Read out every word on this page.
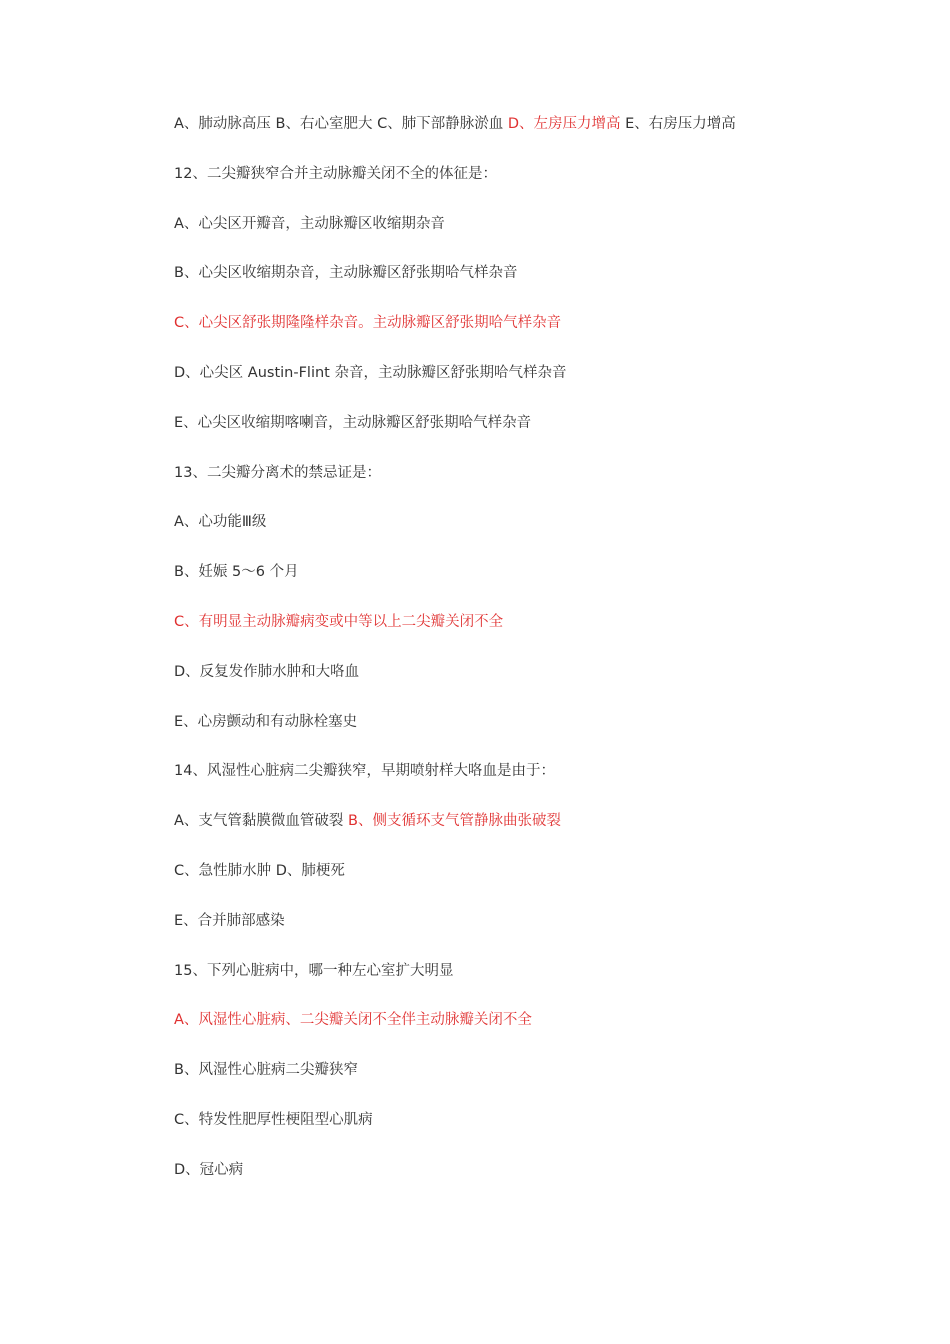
A、肺动脉高压 B、右心室肥大 C、肺下部静脉淤血 D、左房压力增高 E、右房压力增高
12、二尖瓣狭窄合并主动脉瓣关闭不全的体征是：
A、心尖区开瓣音，主动脉瓣区收缩期杂音
B、心尖区收缩期杂音，主动脉瓣区舒张期哈气样杂音
C、心尖区舒张期隆隆样杂音。主动脉瓣区舒张期哈气样杂音
D、心尖区 Austin-Flint 杂音，主动脉瓣区舒张期哈气样杂音
E、心尖区收缩期喀喇音，主动脉瓣区舒张期哈气样杂音
13、二尖瓣分离术的禁忌证是：
A、心功能Ⅲ级
B、妊娠 5～6 个月
C、有明显主动脉瓣病变或中等以上二尖瓣关闭不全
D、反复发作肺水肿和大咯血
E、心房颤动和有动脉栓塞史
14、风湿性心脏病二尖瓣狭窄，早期喷射样大咯血是由于：
A、支气管黏膜微血管破裂 B、侧支循环支气管静脉曲张破裂
C、急性肺水肿 D、肺梗死
E、合并肺部感染
15、下列心脏病中，哪一种左心室扩大明显
A、风湿性心脏病、二尖瓣关闭不全伴主动脉瓣关闭不全
B、风湿性心脏病二尖瓣狭窄
C、特发性肥厚性梗阻型心肌病
D、冠心病
